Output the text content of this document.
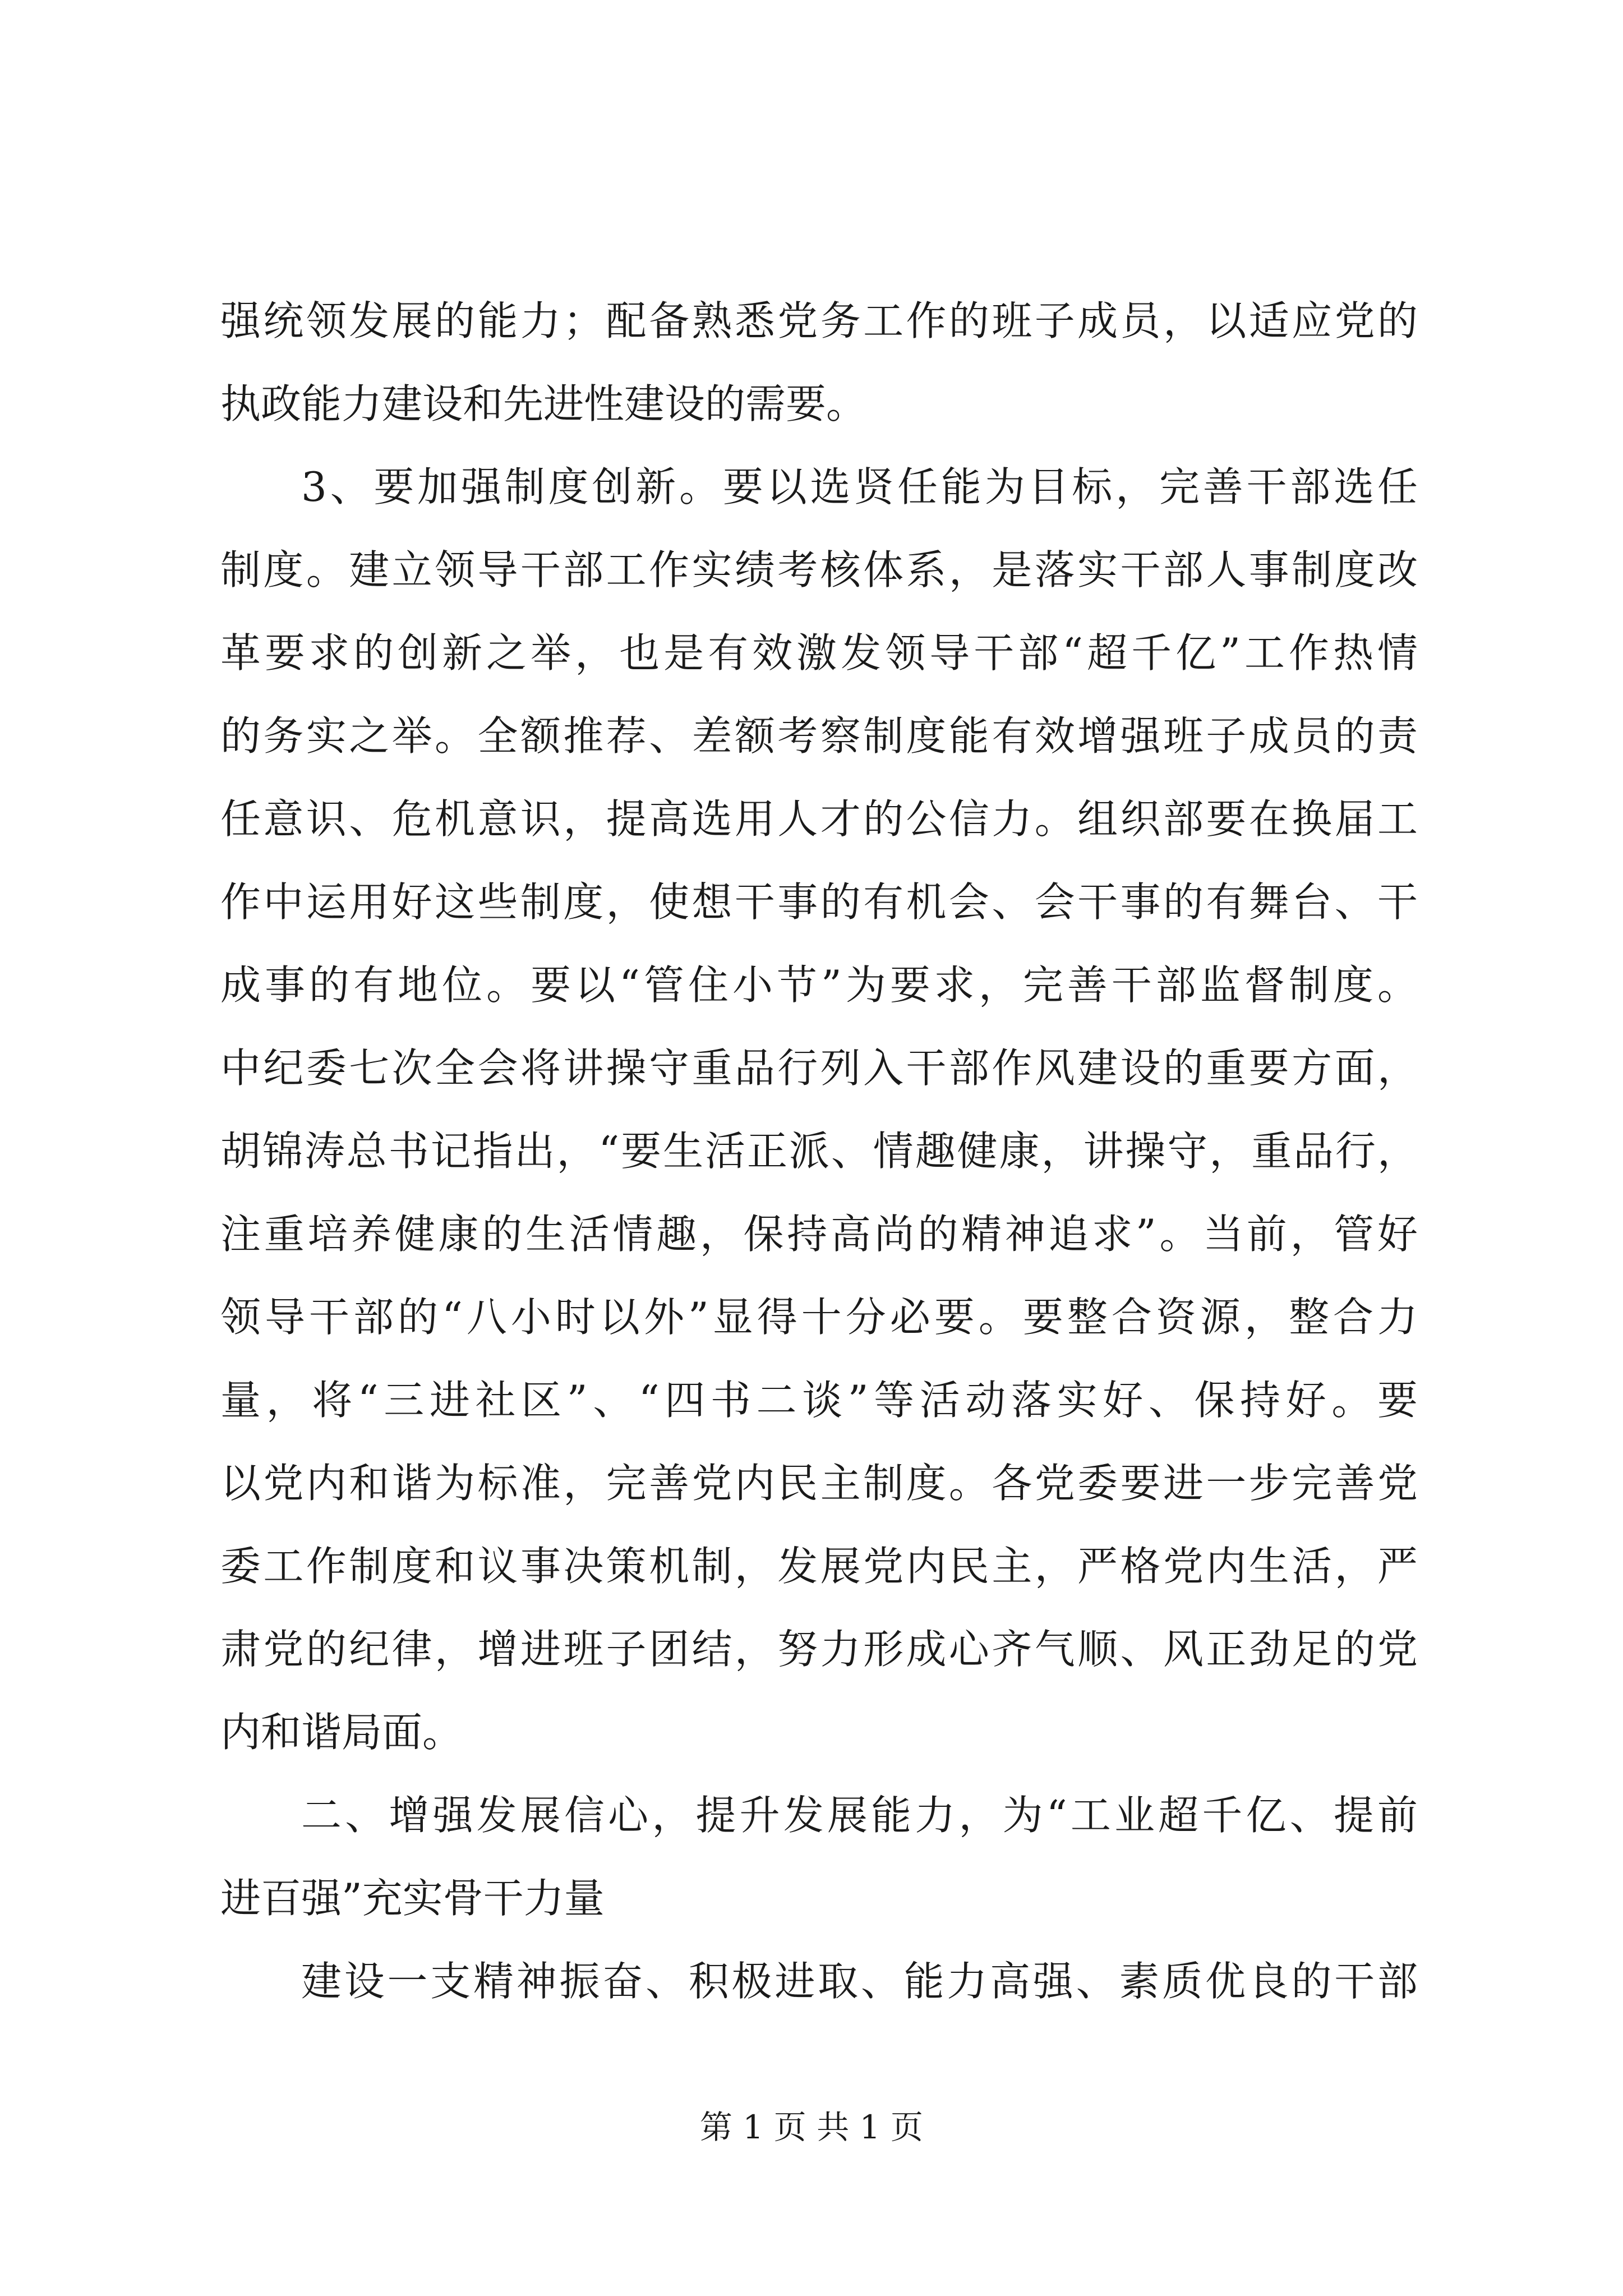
强统领发展的能力；配备熟悉党务工作的班子成员，以适应党的
执政能力建设和先进性建设的需要。
3、要加强制度创新。要以选贤任能为目标，完善干部选任
制度。建立领导干部工作实绩考核体系，是落实干部人事制度改
革要求的创新之举，也是有效激发领导干部“超千亿”工作热情
的务实之举。全额推荐、差额考察制度能有效增强班子成员的责
任意识、危机意识，提高选用人才的公信力。组织部要在换届工
作中运用好这些制度，使想干事的有机会、会干事的有舞台、干
成事的有地位。要以“管住小节”为要求，完善干部监督制度。
中纪委七次全会将讲操守重品行列入干部作风建设的重要方面，
胡锦涛总书记指出，“要生活正派、情趣健康，讲操守，重品行，
注重培养健康的生活情趣，保持高尚的精神追求”。当前，管好
领导干部的“八小时以外”显得十分必要。要整合资源，整合力
量，将“三进社区”、“四书二谈”等活动落实好、保持好。要
以党内和谐为标准，完善党内民主制度。各党委要进一步完善党
委工作制度和议事决策机制，发展党内民主，严格党内生活，严
肃党的纪律，增进班子团结，努力形成心齐气顺、风正劲足的党
内和谐局面。
二、增强发展信心，提升发展能力，为“工业超千亿、提前
进百强”充实骨干力量
建设一支精神振奋、积极进取、能力高强、素质优良的干部
第 1 页 共 1 页
